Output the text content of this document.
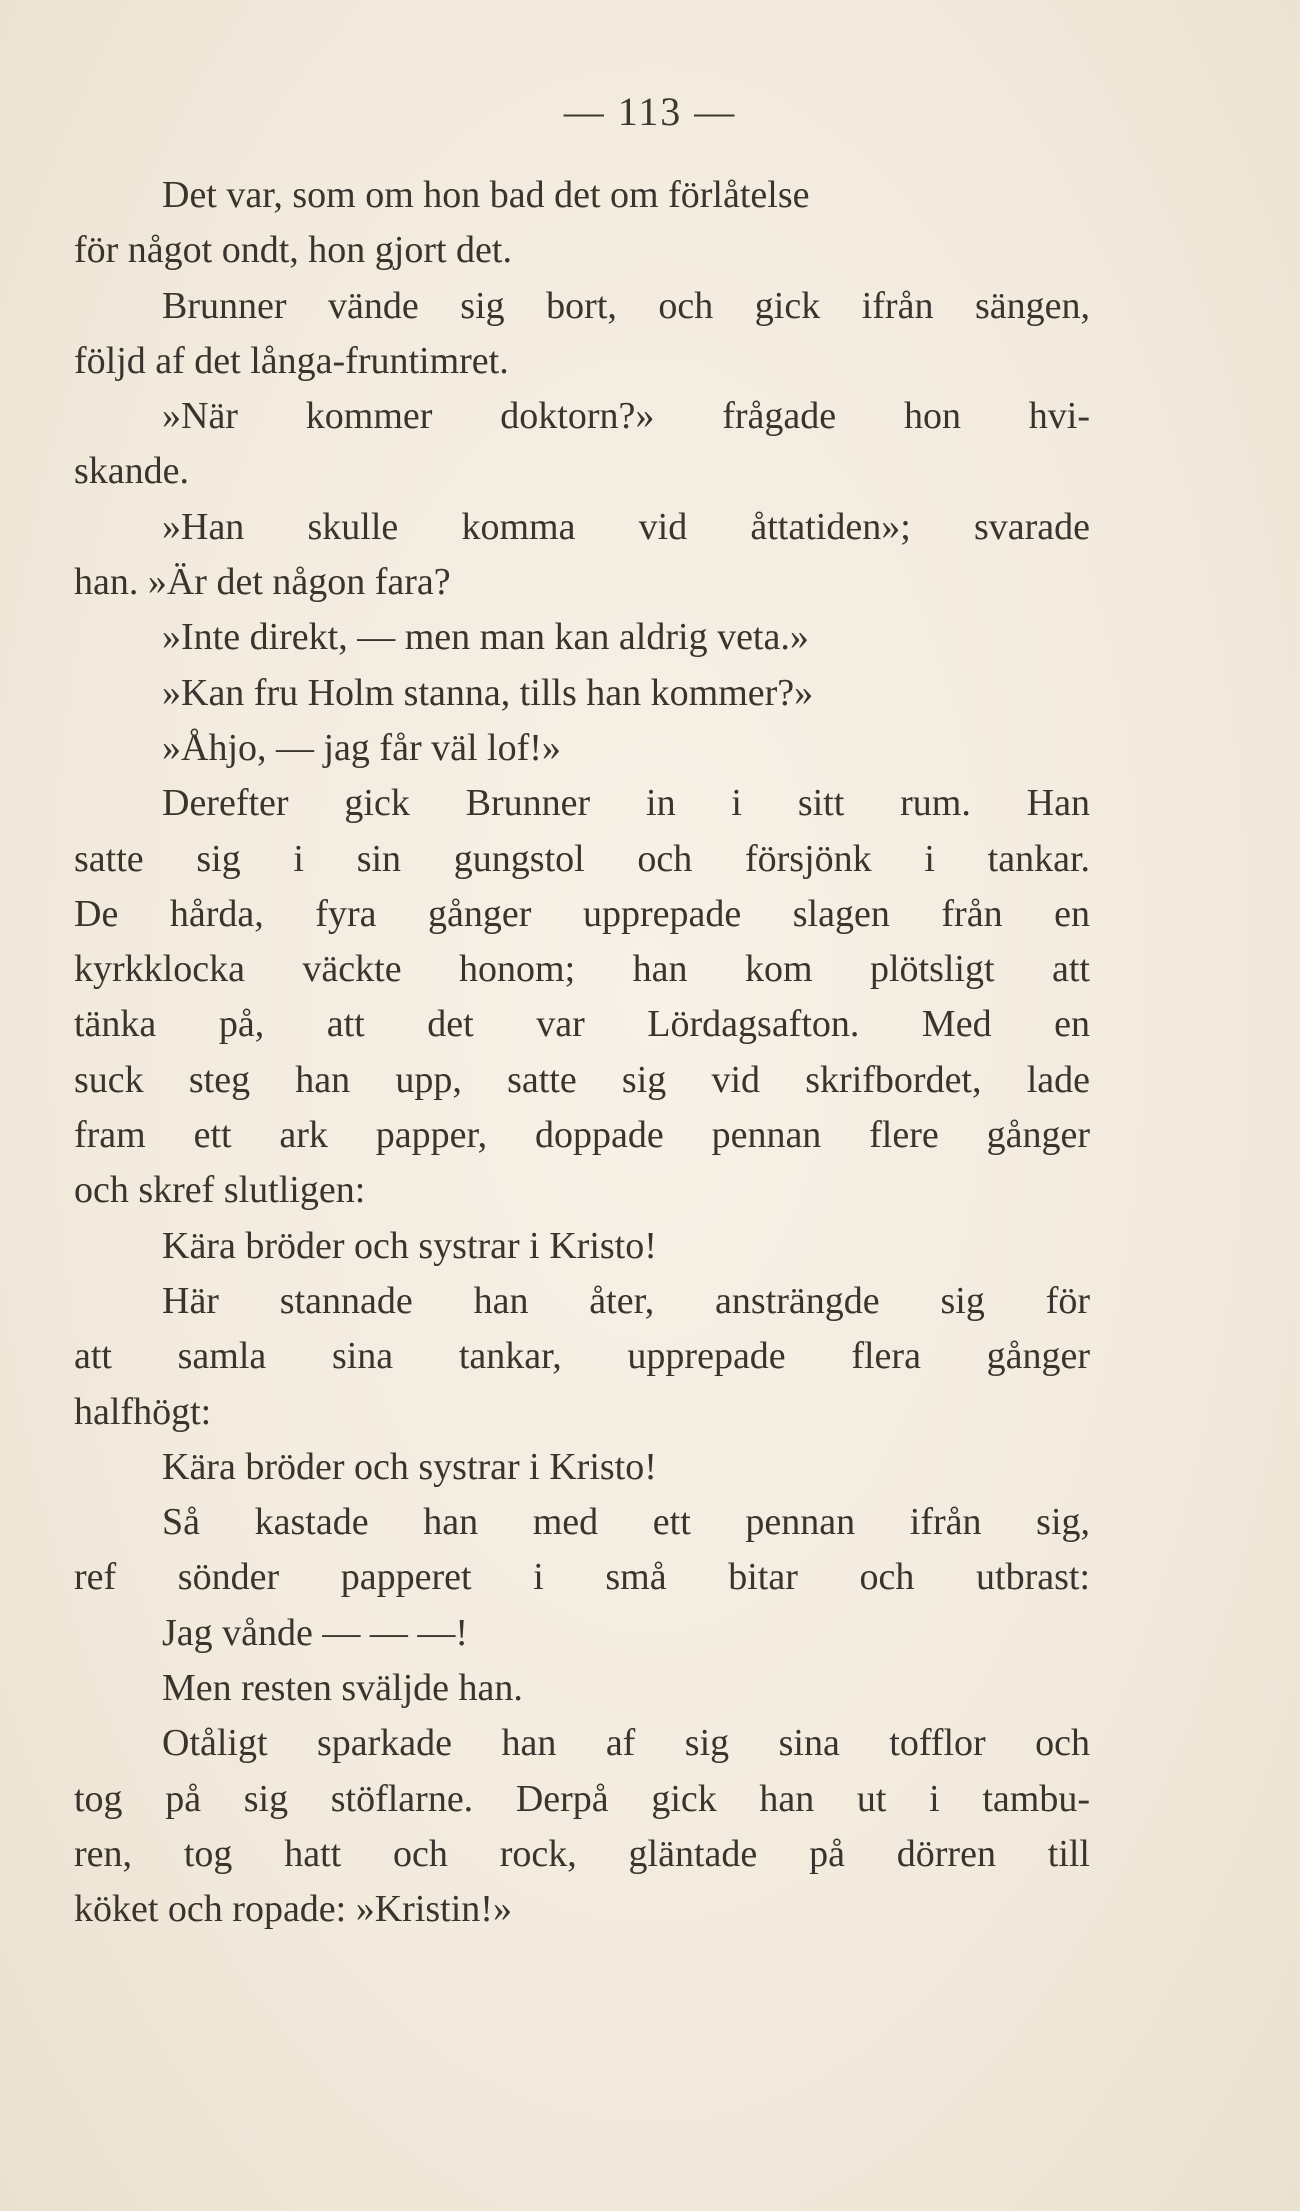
— 113 —
Det var, som om hon bad det om förlåtelse
för något ondt, hon gjort det.
Brunner vände sig bort, och gick ifrån sängen,
följd af det långa-fruntimret.
»När kommer doktorn?» frågade hon hvi-
skande.
»Han skulle komma vid åttatiden»; svarade
han. »Är det någon fara?
»Inte direkt, — men man kan aldrig veta.»
»Kan fru Holm stanna, tills han kommer?»
»Åhjo, — jag får väl lof!»
Derefter gick Brunner in i sitt rum. Han
satte sig i sin gungstol och försjönk i tankar.
De hårda, fyra gånger upprepade slagen från en
kyrkklocka väckte honom; han kom plötsligt att
tänka på, att det var Lördagsafton. Med en
suck steg han upp, satte sig vid skrifbordet, lade
fram ett ark papper, doppade pennan flere gånger
och skref slutligen:
Kära bröder och systrar i Kristo!
Här stannade han åter, ansträngde sig för
att samla sina tankar, upprepade flera gånger
halfhögt:
Kära bröder och systrar i Kristo!
Så kastade han med ett pennan ifrån sig,
ref sönder papperet i små bitar och utbrast:
Jag vånde — — —!
Men resten sväljde han.
Otåligt sparkade han af sig sina tofflor och
tog på sig stöflarne. Derpå gick han ut i tambu-
ren, tog hatt och rock, gläntade på dörren till
köket och ropade: »Kristin!»
